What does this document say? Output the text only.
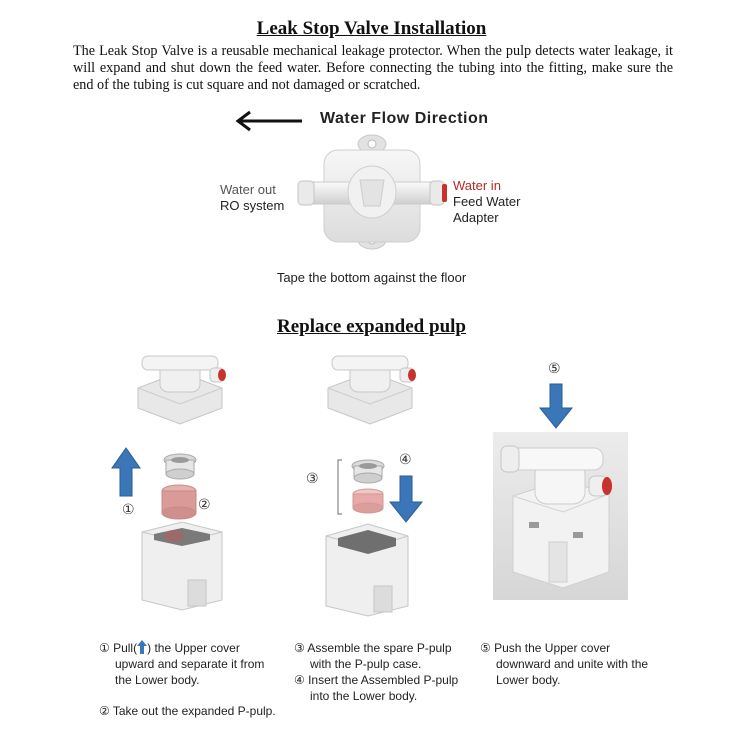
Leak Stop Valve Installation
The Leak Stop Valve is a reusable mechanical leakage protector. When the pulp detects water leakage, it will expand and shut down the feed water. Before connecting the tubing into the fitting, make sure the end of the tubing is cut square and not damaged or scratched.
Water Flow Direction
Water out
RO system
Water in
Feed Water
Adapter
Tape the bottom against the floor
Replace expanded pulp
①	②
③
④
⑤
① Pull( ) the Upper cover
upward and separate it from
the Lower body.
② Take out the expanded P-pulp.
③ Assemble the spare P-pulp
with the P-pulp case.
④ Insert the Assembled P-pulp
into the Lower body.
⑤ Push the Upper cover
downward and unite with the
Lower body.
